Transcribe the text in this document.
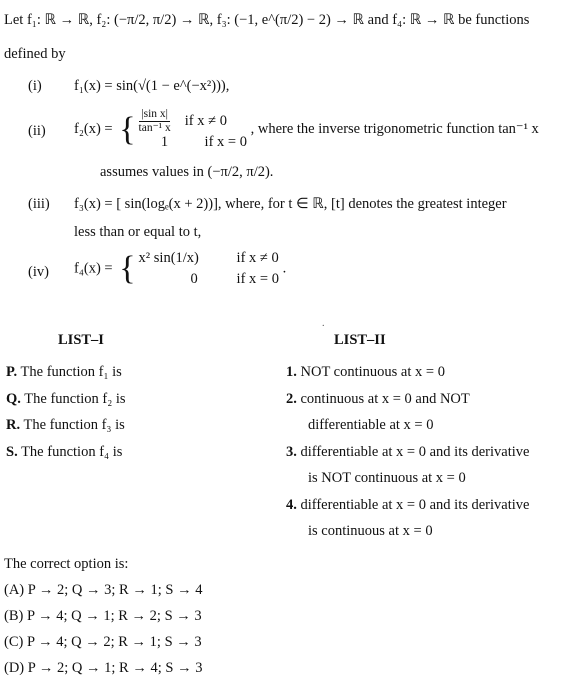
Let f₁: ℝ → ℝ, f₂: (−π/2, π/2) → ℝ, f₃: (−1, e^(π/2) − 2) → ℝ and f₄: ℝ → ℝ be functions
defined by
(i) f₁(x) = sin(√(1 − e^(−x²))),
(ii) f₂(x) = { $\frac{\text{|sin x|}}{\text{tan⁻¹ x}}$ if x ≠ 0
1	if x = 0
, where the inverse trigonometric function tan⁻¹ x
assumes values in (−π/2, π/2).
(iii) f₃(x) = [ sin(logₑ(x + 2))], where, for t ∈ ℝ, [t] denotes the greatest integer
less than or equal to t,
(iv) f₄(x) = { x² sin(1/x)	if x ≠ 0
0	if x = 0
.
.
LIST–I	LIST–II
P. The function f₁ is
Q. The function f₂ is
R. The function f₃ is
S. The function f₄ is
1. NOT continuous at x = 0
2. continuous at x = 0 and NOT
differentiable at x = 0
3. differentiable at x = 0 and its derivative
is NOT continuous at x = 0
4. differentiable at x = 0 and its derivative
is continuous at x = 0
The correct option is:
(A) P → 2; Q → 3; R → 1; S → 4
(B) P → 4; Q → 1; R → 2; S → 3
(C) P → 4; Q → 2; R → 1; S → 3
(D) P → 2; Q → 1; R → 4; S → 3
